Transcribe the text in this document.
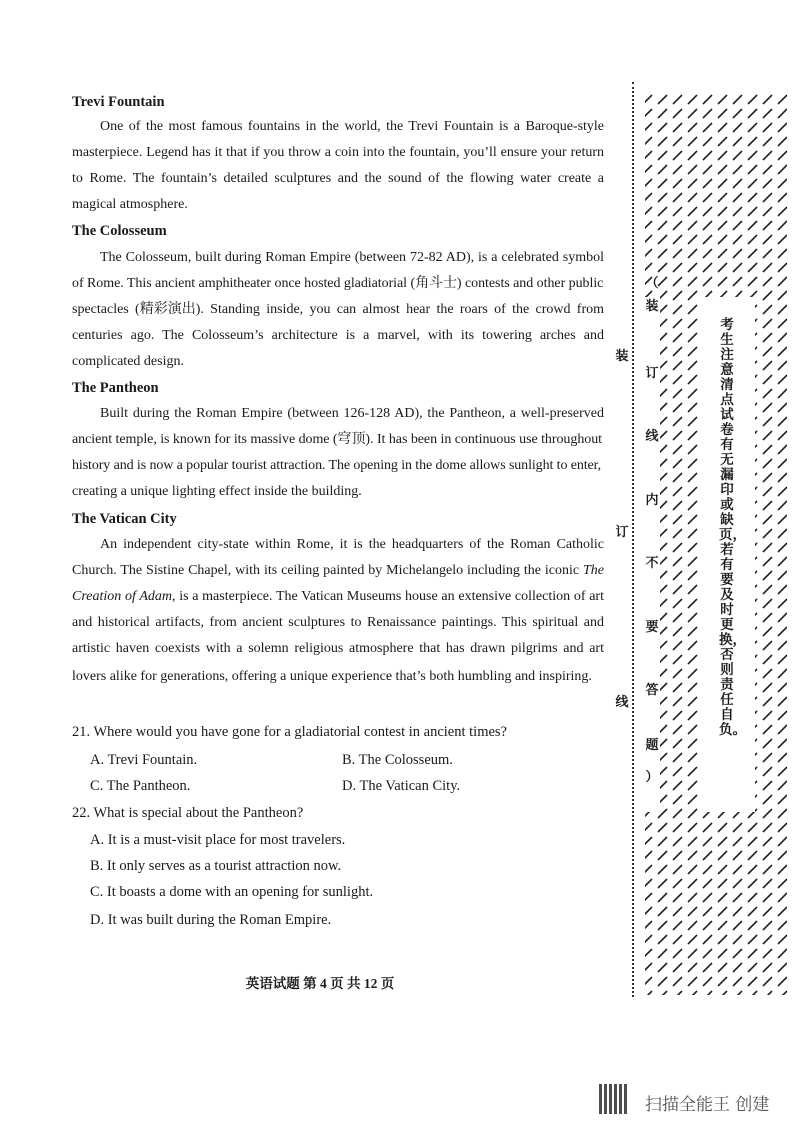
Trevi Fountain
One of the most famous fountains in the world, the Trevi Fountain is a Baroque-style
masterpiece. Legend has it that if you throw a coin into the fountain, you’ll ensure your return
to Rome. The fountain’s detailed sculptures and the sound of the flowing water create a
magical atmosphere.
The Colosseum
The Colosseum, built during Roman Empire (between 72-82 AD), is a celebrated symbol
of Rome. This ancient amphitheater once hosted gladiatorial (角斗士) contests and other public
spectacles (精彩演出). Standing inside, you can almost hear the roars of the crowd from
centuries ago. The Colosseum’s architecture is a marvel, with its towering arches and
complicated design.
The Pantheon
Built during the Roman Empire (between 126-128 AD), the Pantheon, a well-preserved
ancient temple, is known for its massive dome (穹顶). It has been in continuous use throughout
history and is now a popular tourist attraction. The opening in the dome allows sunlight to enter,
creating a unique lighting effect inside the building.
The Vatican City
An independent city-state within Rome, it is the headquarters of the Roman Catholic
Church. The Sistine Chapel, with its ceiling painted by Michelangelo including the iconic The
Creation of Adam, is a masterpiece. The Vatican Museums house an extensive collection of art
and historical artifacts, from ancient sculptures to Renaissance paintings. This spiritual and
artistic haven coexists with a solemn religious atmosphere that has drawn pilgrims and art
lovers alike for generations, offering a unique experience that’s both humbling and inspiring.
21. Where would you have gone for a gladiatorial contest in ancient times?
A. Trevi Fountain.	B. The Colosseum.
C. The Pantheon.	D. The Vatican City.
22. What is special about the Pantheon?
A. It is a must-visit place for most travelers.
B. It only serves as a tourist attraction now.
C. It boasts a dome with an opening for sunlight.
D. It was built during the Roman Empire.
英语试题 第 4 页 共 12 页
装
订
线
（
装
订
线
内
不
要
答
题
）
考生注意清点试卷有无漏印或缺页，若有要及时更换，否则责任自负。
扫描全能王 创建
